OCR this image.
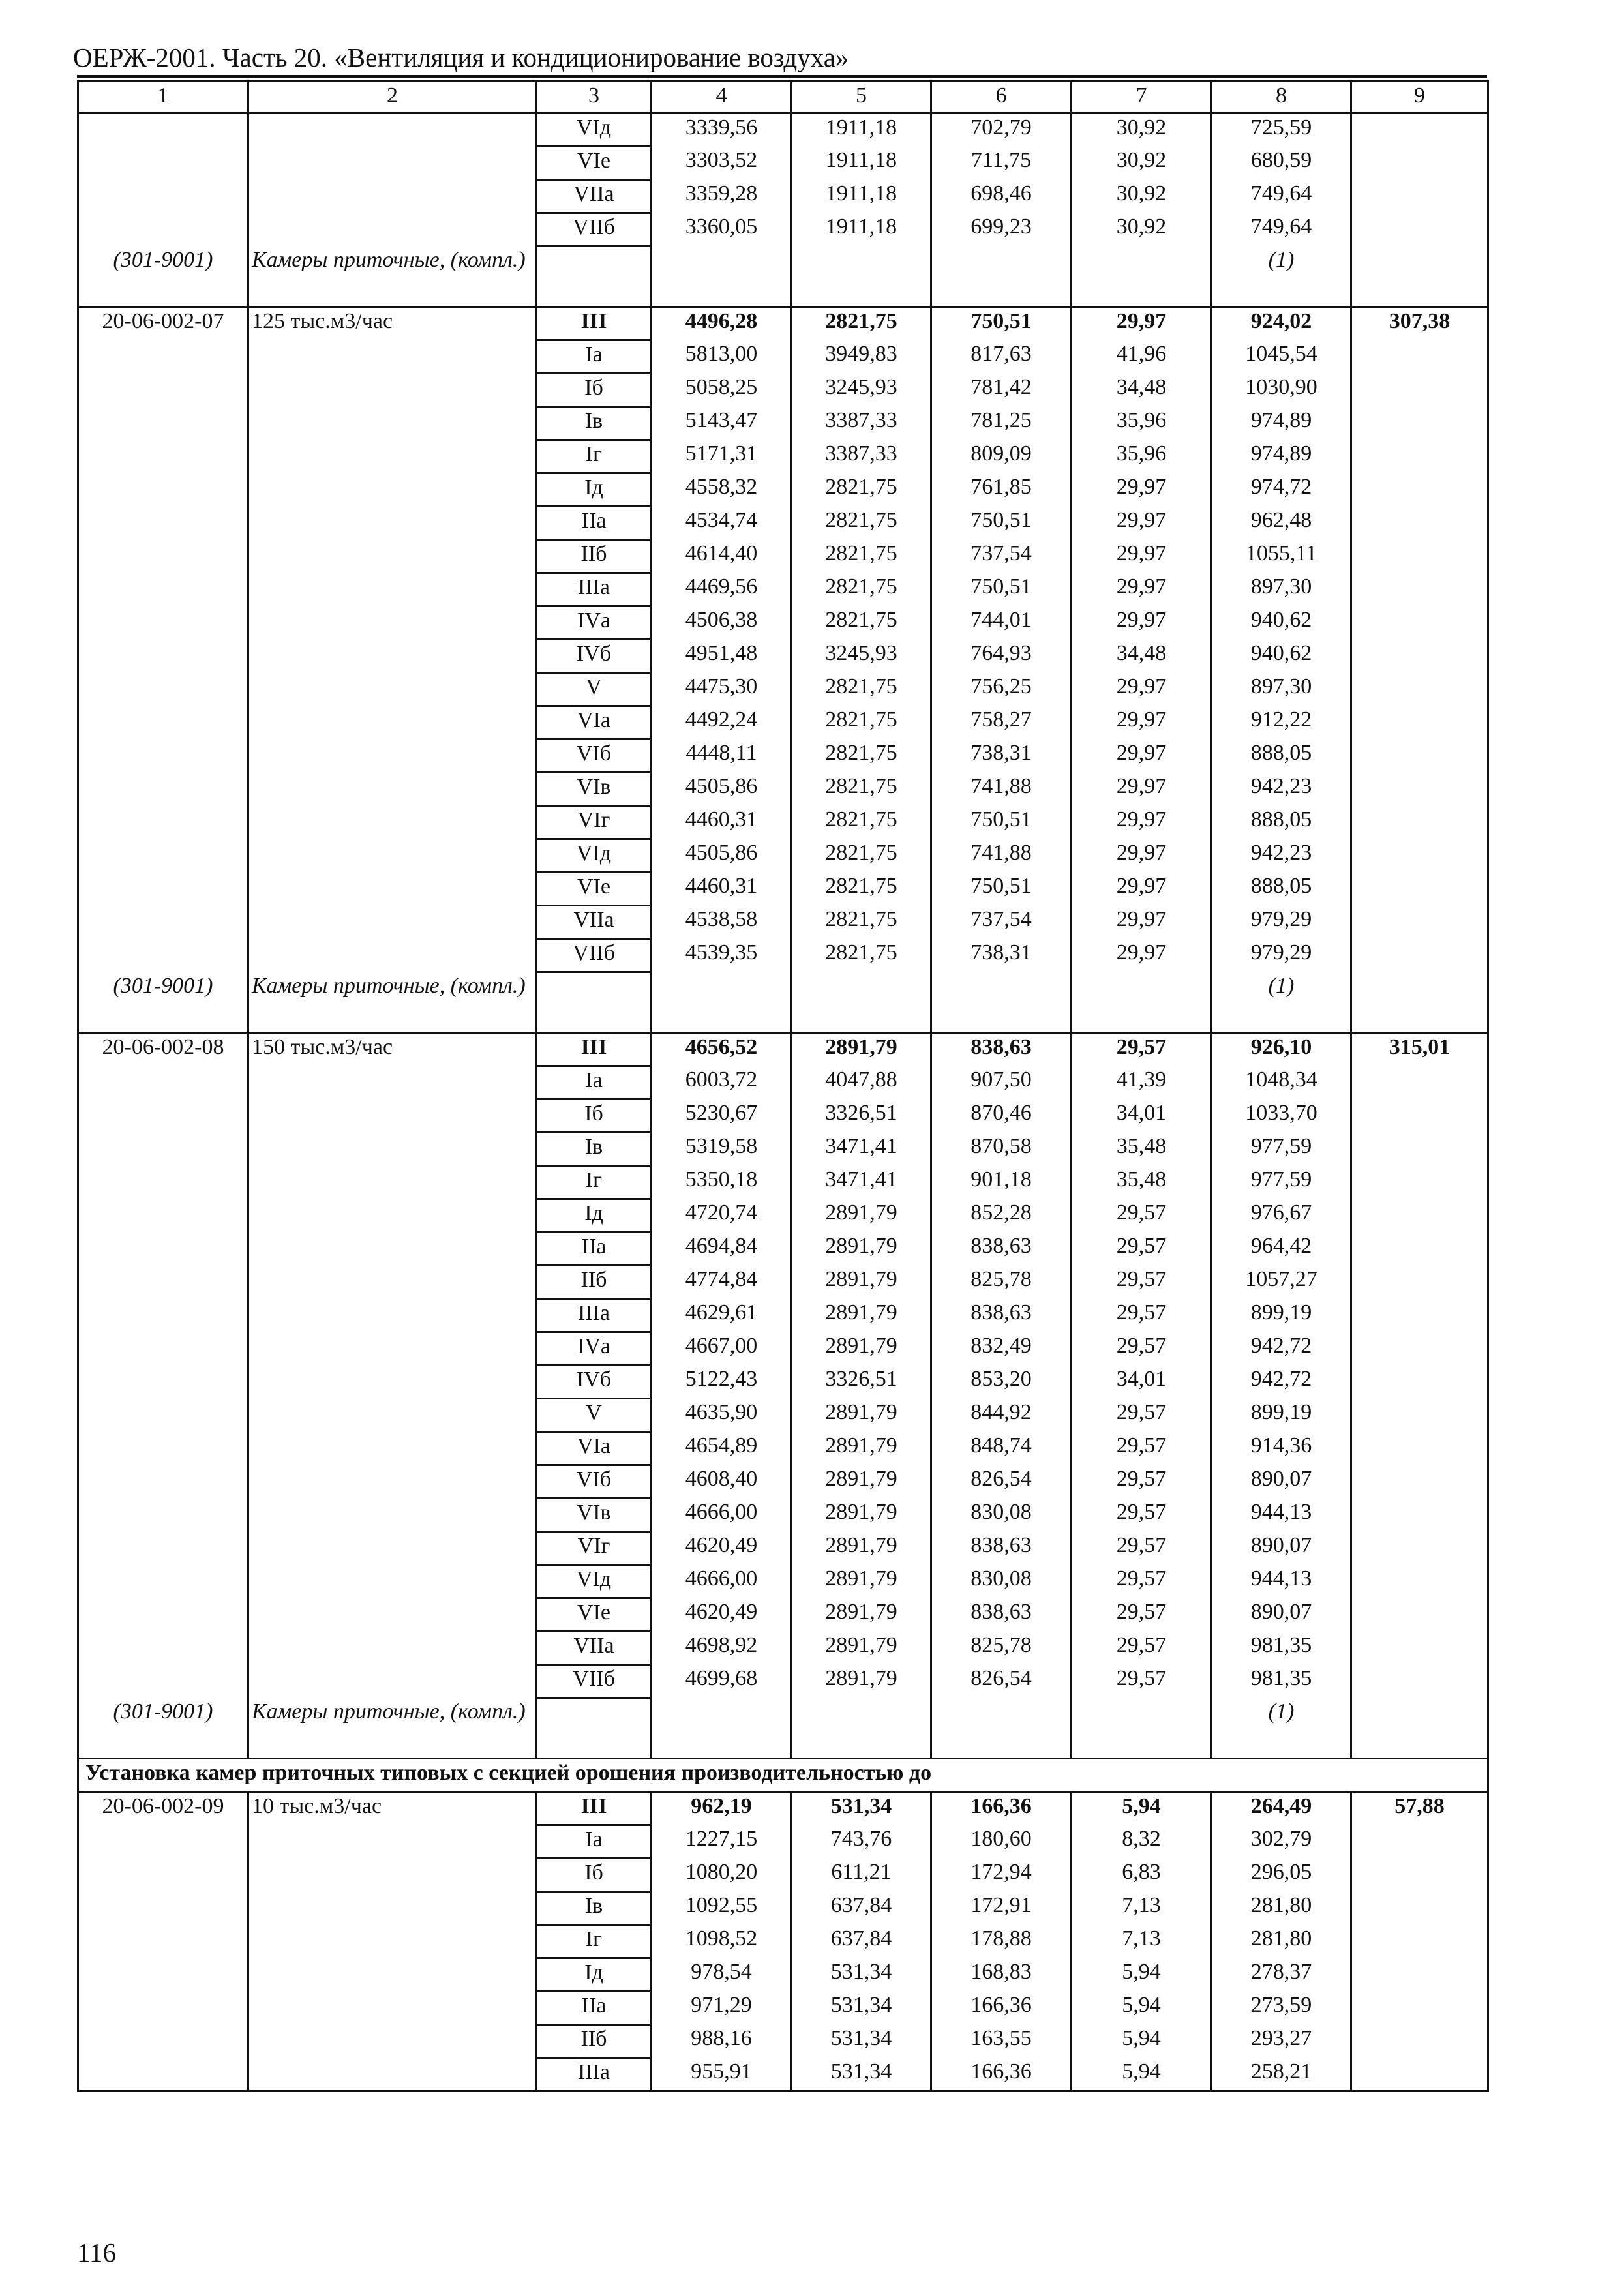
ОЕРЖ-2001. Часть 20. «Вентиляция и кондиционирование воздуха»
1	2	3	4	5	6	7	8	9
		VIд	3339,56	1911,18	702,79	30,92	725,59	
		VIе	3303,52	1911,18	711,75	30,92	680,59	
		VIIа	3359,28	1911,18	698,46	30,92	749,64	
		VIIб	3360,05	1911,18	699,23	30,92	749,64	
(301-9001)	Камеры приточные, (компл.)						(1)	
20-06-002-07	125 тыс.м3/час	III	4496,28	2821,75	750,51	29,97	924,02	307,38
		Iа	5813,00	3949,83	817,63	41,96	1045,54	
		Iб	5058,25	3245,93	781,42	34,48	1030,90	
		Iв	5143,47	3387,33	781,25	35,96	974,89	
		Iг	5171,31	3387,33	809,09	35,96	974,89	
		Iд	4558,32	2821,75	761,85	29,97	974,72	
		IIа	4534,74	2821,75	750,51	29,97	962,48	
		IIб	4614,40	2821,75	737,54	29,97	1055,11	
		IIIа	4469,56	2821,75	750,51	29,97	897,30	
		IVа	4506,38	2821,75	744,01	29,97	940,62	
		IVб	4951,48	3245,93	764,93	34,48	940,62	
		V	4475,30	2821,75	756,25	29,97	897,30	
		VIа	4492,24	2821,75	758,27	29,97	912,22	
		VIб	4448,11	2821,75	738,31	29,97	888,05	
		VIв	4505,86	2821,75	741,88	29,97	942,23	
		VIг	4460,31	2821,75	750,51	29,97	888,05	
		VIд	4505,86	2821,75	741,88	29,97	942,23	
		VIе	4460,31	2821,75	750,51	29,97	888,05	
		VIIа	4538,58	2821,75	737,54	29,97	979,29	
		VIIб	4539,35	2821,75	738,31	29,97	979,29	
(301-9001)	Камеры приточные, (компл.)						(1)	
20-06-002-08	150 тыс.м3/час	III	4656,52	2891,79	838,63	29,57	926,10	315,01
		Iа	6003,72	4047,88	907,50	41,39	1048,34	
		Iб	5230,67	3326,51	870,46	34,01	1033,70	
		Iв	5319,58	3471,41	870,58	35,48	977,59	
		Iг	5350,18	3471,41	901,18	35,48	977,59	
		Iд	4720,74	2891,79	852,28	29,57	976,67	
		IIа	4694,84	2891,79	838,63	29,57	964,42	
		IIб	4774,84	2891,79	825,78	29,57	1057,27	
		IIIа	4629,61	2891,79	838,63	29,57	899,19	
		IVа	4667,00	2891,79	832,49	29,57	942,72	
		IVб	5122,43	3326,51	853,20	34,01	942,72	
		V	4635,90	2891,79	844,92	29,57	899,19	
		VIа	4654,89	2891,79	848,74	29,57	914,36	
		VIб	4608,40	2891,79	826,54	29,57	890,07	
		VIв	4666,00	2891,79	830,08	29,57	944,13	
		VIг	4620,49	2891,79	838,63	29,57	890,07	
		VIд	4666,00	2891,79	830,08	29,57	944,13	
		VIе	4620,49	2891,79	838,63	29,57	890,07	
		VIIа	4698,92	2891,79	825,78	29,57	981,35	
		VIIб	4699,68	2891,79	826,54	29,57	981,35	
(301-9001)	Камеры приточные, (компл.)						(1)	
Установка камер приточных типовых с секцией орошения производительностью до								
20-06-002-09	10 тыс.м3/час	III	962,19	531,34	166,36	5,94	264,49	57,88
		Iа	1227,15	743,76	180,60	8,32	302,79	
		Iб	1080,20	611,21	172,94	6,83	296,05	
		Iв	1092,55	637,84	172,91	7,13	281,80	
		Iг	1098,52	637,84	178,88	7,13	281,80	
		Iд	978,54	531,34	168,83	5,94	278,37	
		IIа	971,29	531,34	166,36	5,94	273,59	
		IIб	988,16	531,34	163,55	5,94	293,27	
		IIIа	955,91	531,34	166,36	5,94	258,21	
116
